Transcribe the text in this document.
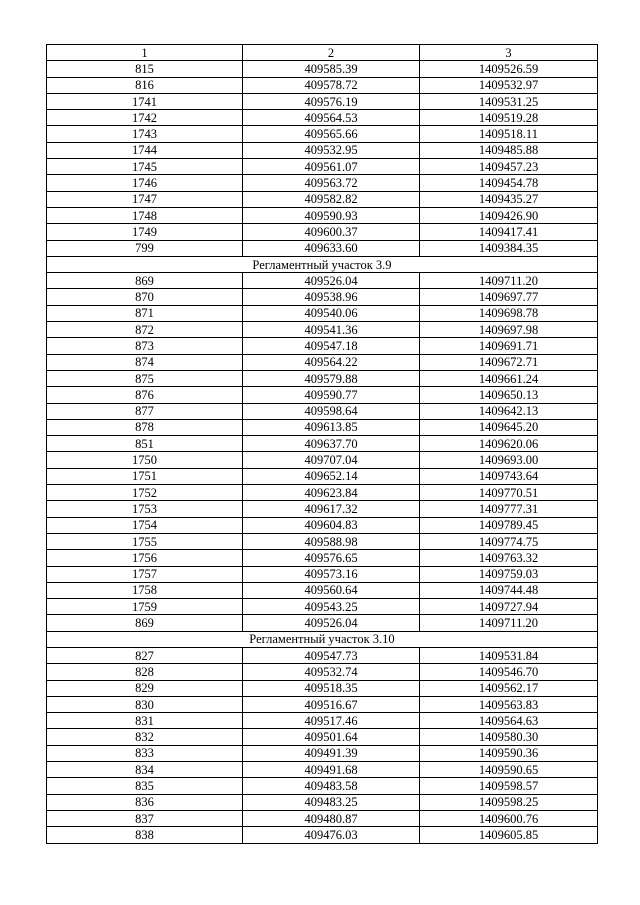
1	2	3
815	409585.39	1409526.59
816	409578.72	1409532.97
1741	409576.19	1409531.25
1742	409564.53	1409519.28
1743	409565.66	1409518.11
1744	409532.95	1409485.88
1745	409561.07	1409457.23
1746	409563.72	1409454.78
1747	409582.82	1409435.27
1748	409590.93	1409426.90
1749	409600.37	1409417.41
799	409633.60	1409384.35
Регламентный участок 3.9		
869	409526.04	1409711.20
870	409538.96	1409697.77
871	409540.06	1409698.78
872	409541.36	1409697.98
873	409547.18	1409691.71
874	409564.22	1409672.71
875	409579.88	1409661.24
876	409590.77	1409650.13
877	409598.64	1409642.13
878	409613.85	1409645.20
851	409637.70	1409620.06
1750	409707.04	1409693.00
1751	409652.14	1409743.64
1752	409623.84	1409770.51
1753	409617.32	1409777.31
1754	409604.83	1409789.45
1755	409588.98	1409774.75
1756	409576.65	1409763.32
1757	409573.16	1409759.03
1758	409560.64	1409744.48
1759	409543.25	1409727.94
869	409526.04	1409711.20
Регламентный участок 3.10		
827	409547.73	1409531.84
828	409532.74	1409546.70
829	409518.35	1409562.17
830	409516.67	1409563.83
831	409517.46	1409564.63
832	409501.64	1409580.30
833	409491.39	1409590.36
834	409491.68	1409590.65
835	409483.58	1409598.57
836	409483.25	1409598.25
837	409480.87	1409600.76
838	409476.03	1409605.85
